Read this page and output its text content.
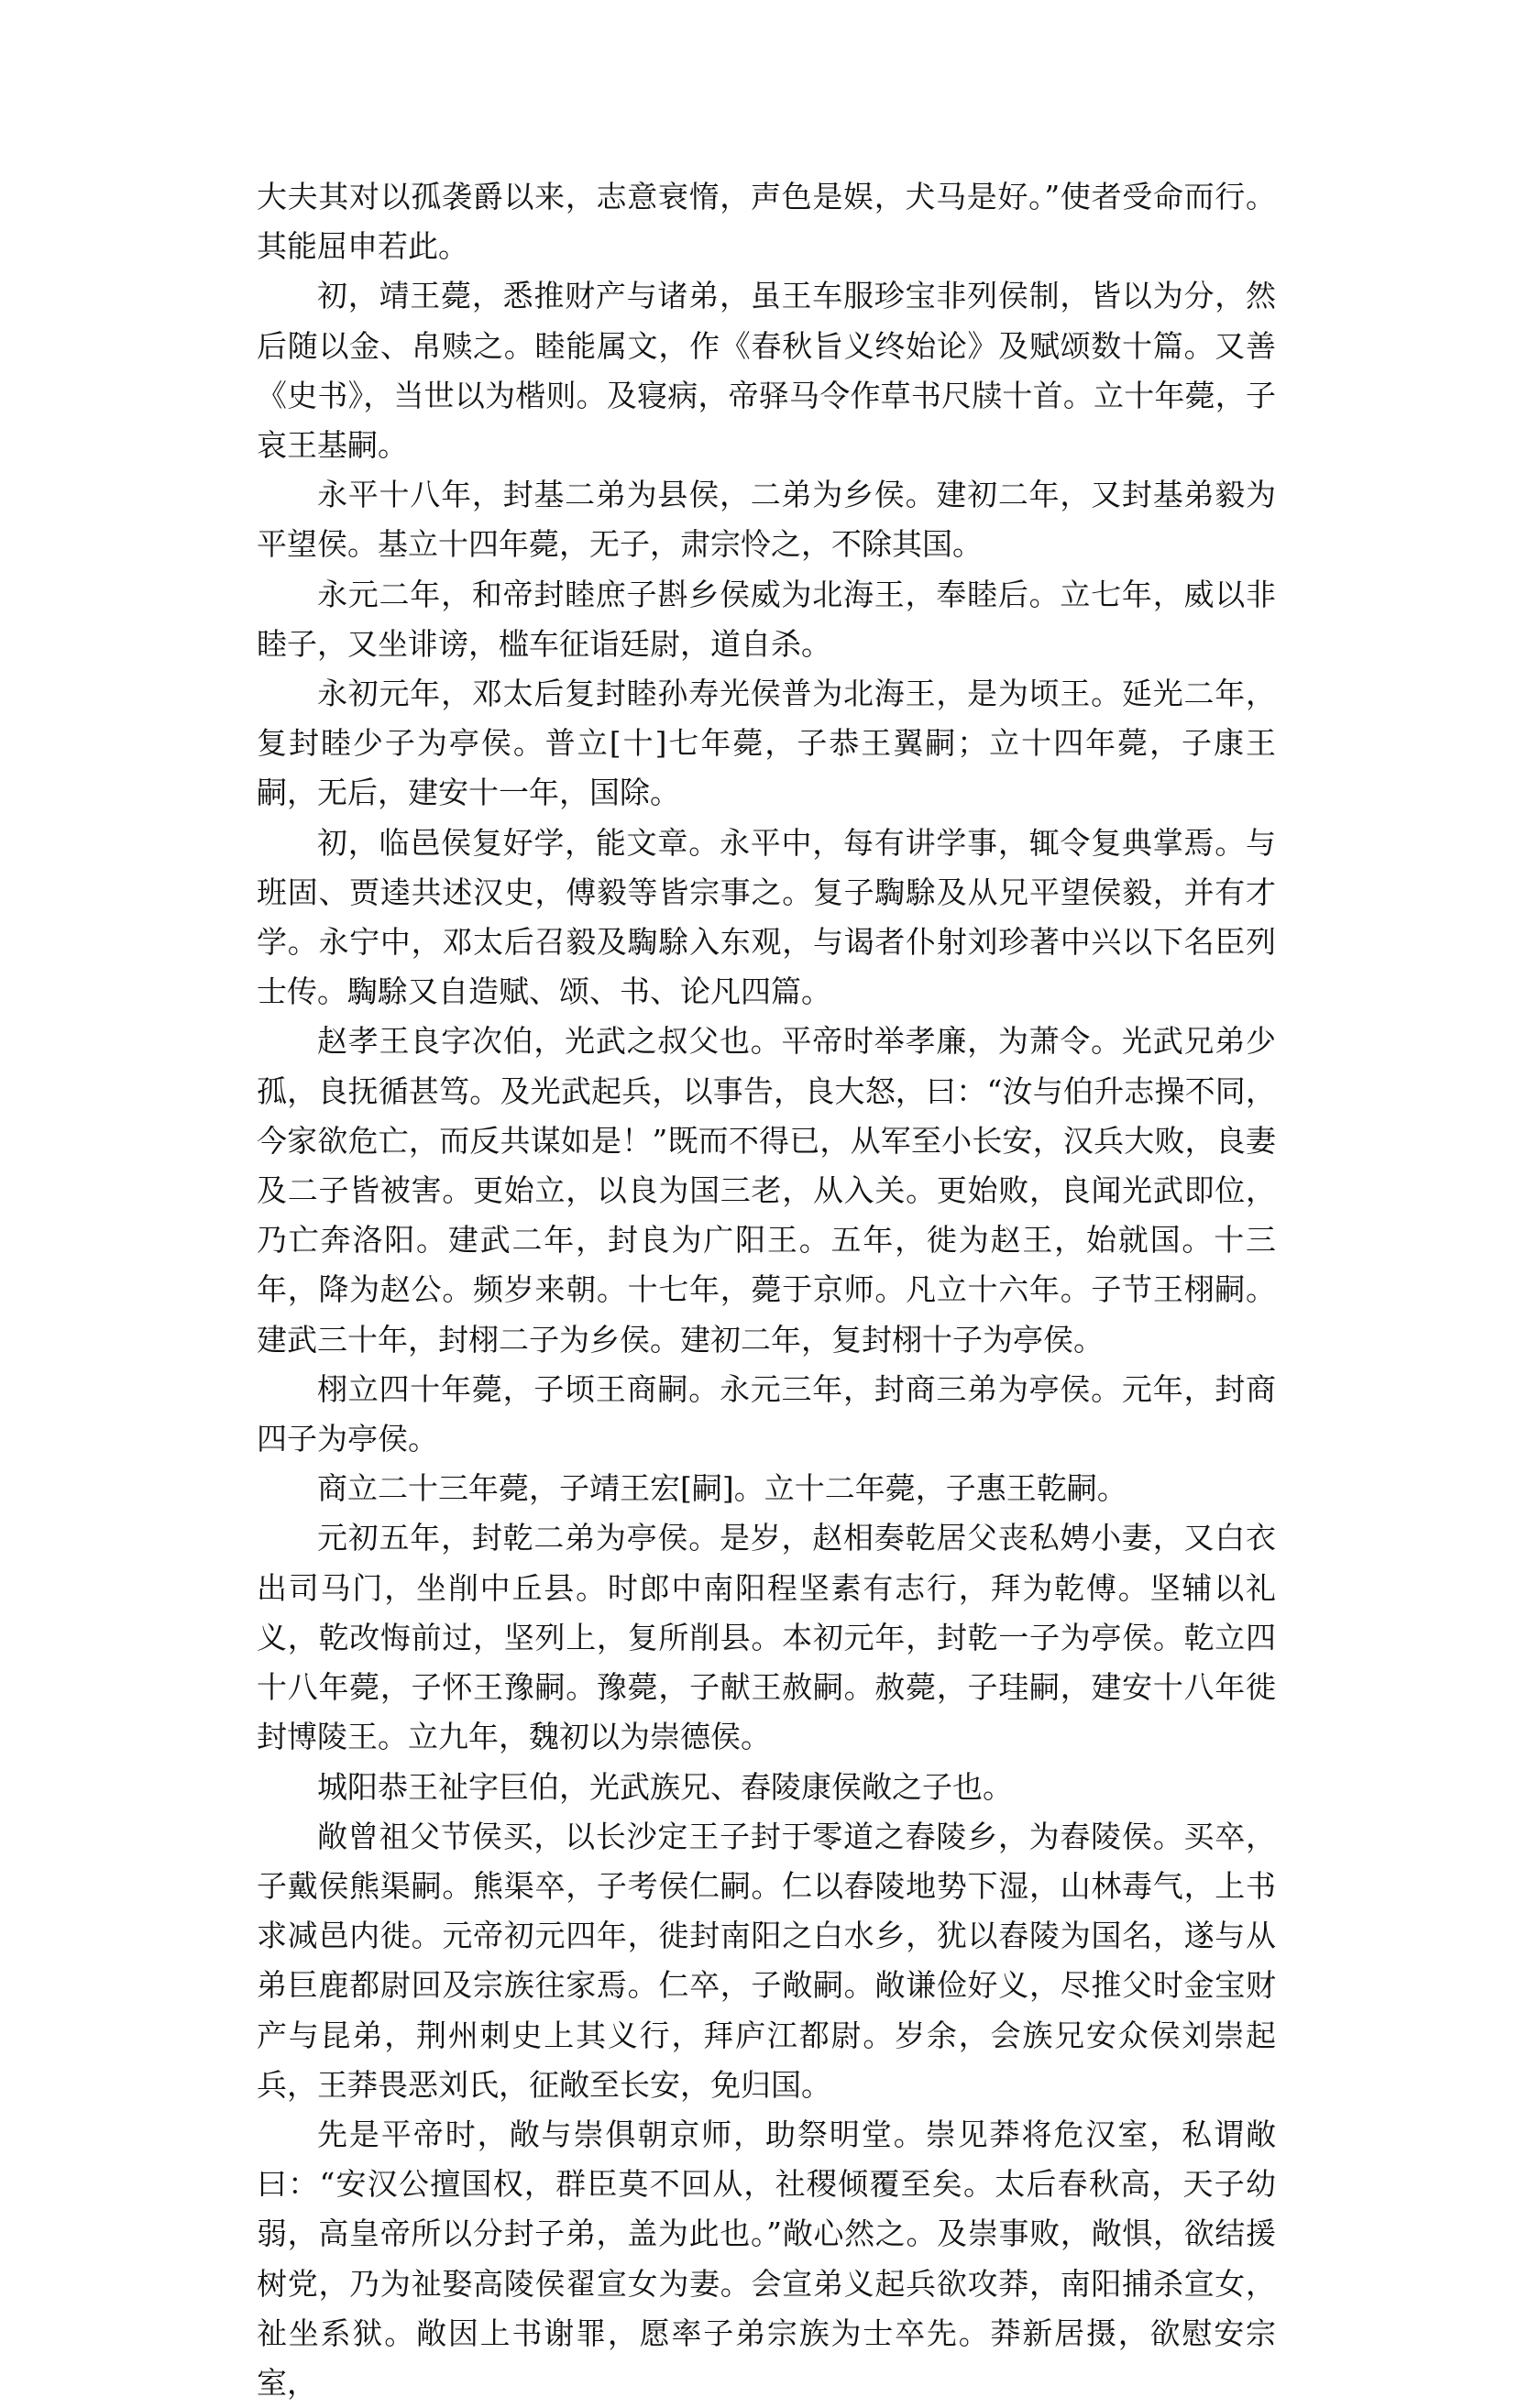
大夫其对以孤袭爵以来，志意衰惰，声色是娱，犬马是好。”使者受命而行。其能屈申若此。

初，靖王薨，悉推财产与诸弟，虽王车服珍宝非列侯制，皆以为分，然后随以金、帛赎之。睦能属文，作《春秋旨义终始论》及赋颂数十篇。又善《史书》，当世以为楷则。及寝病，帝驿马令作草书尺牍十首。立十年薨，子哀王基嗣。

永平十八年，封基二弟为县侯，二弟为乡侯。建初二年，又封基弟毅为平望侯。基立十四年薨，无子，肃宗怜之，不除其国。

永元二年，和帝封睦庶子斟乡侯威为北海王，奉睦后。立七年，威以非睦子，又坐诽谤，槛车征诣廷尉，道自杀。

永初元年，邓太后复封睦孙寿光侯普为北海王，是为顷王。延光二年，复封睦少子为亭侯。普立[十]七年薨，子恭王翼嗣；立十四年薨，子康王嗣，无后，建安十一年，国除。

初，临邑侯复好学，能文章。永平中，每有讲学事，辄令复典掌焉。与班固、贾逵共述汉史，傅毅等皆宗事之。复子騊駼及从兄平望侯毅，并有才学。永宁中，邓太后召毅及騊駼入东观，与谒者仆射刘珍著中兴以下名臣列士传。騊駼又自造赋、颂、书、论凡四篇。

赵孝王良字次伯，光武之叔父也。平帝时举孝廉，为萧令。光武兄弟少孤，良抚循甚笃。及光武起兵，以事告，良大怒，曰：“汝与伯升志操不同，今家欲危亡，而反共谋如是！”既而不得已，从军至小长安，汉兵大败，良妻及二子皆被害。更始立，以良为国三老，从入关。更始败，良闻光武即位，乃亡奔洛阳。建武二年，封良为广阳王。五年，徙为赵王，始就国。十三年，降为赵公。频岁来朝。十七年，薨于京师。凡立十六年。子节王栩嗣。建武三十年，封栩二子为乡侯。建初二年，复封栩十子为亭侯。

栩立四十年薨，子顷王商嗣。永元三年，封商三弟为亭侯。元年，封商四子为亭侯。

商立二十三年薨，子靖王宏[嗣]。立十二年薨，子惠王乾嗣。

元初五年，封乾二弟为亭侯。是岁，赵相奏乾居父丧私娉小妻，又白衣出司马门，坐削中丘县。时郎中南阳程坚素有志行，拜为乾傅。坚辅以礼义，乾改悔前过，坚列上，复所削县。本初元年，封乾一子为亭侯。乾立四十八年薨，子怀王豫嗣。豫薨，子献王赦嗣。赦薨，子珪嗣，建安十八年徙封博陵王。立九年，魏初以为崇德侯。

城阳恭王祉字巨伯，光武族兄、舂陵康侯敞之子也。

敞曾祖父节侯买，以长沙定王子封于零道之舂陵乡，为舂陵侯。买卒，子戴侯熊渠嗣。熊渠卒，子考侯仁嗣。仁以舂陵地势下湿，山林毒气，上书求减邑内徙。元帝初元四年，徙封南阳之白水乡，犹以舂陵为国名，遂与从弟巨鹿都尉回及宗族往家焉。仁卒，子敞嗣。敞谦俭好义，尽推父时金宝财产与昆弟，荆州刺史上其义行，拜庐江都尉。岁余，会族兄安众侯刘崇起兵，王莽畏恶刘氏，征敞至长安，免归国。

先是平帝时，敞与崇俱朝京师，助祭明堂。崇见莽将危汉室，私谓敞曰：“安汉公擅国权，群臣莫不回从，社稷倾覆至矣。太后春秋高，天子幼弱，高皇帝所以分封子弟，盖为此也。”敞心然之。及崇事败，敞惧，欲结援树党，乃为祉娶高陵侯翟宣女为妻。会宣弟义起兵欲攻莽，南阳捕杀宣女，祉坐系狱。敞因上书谢罪，愿率子弟宗族为士卒先。莽新居摄，欲慰安宗室，
